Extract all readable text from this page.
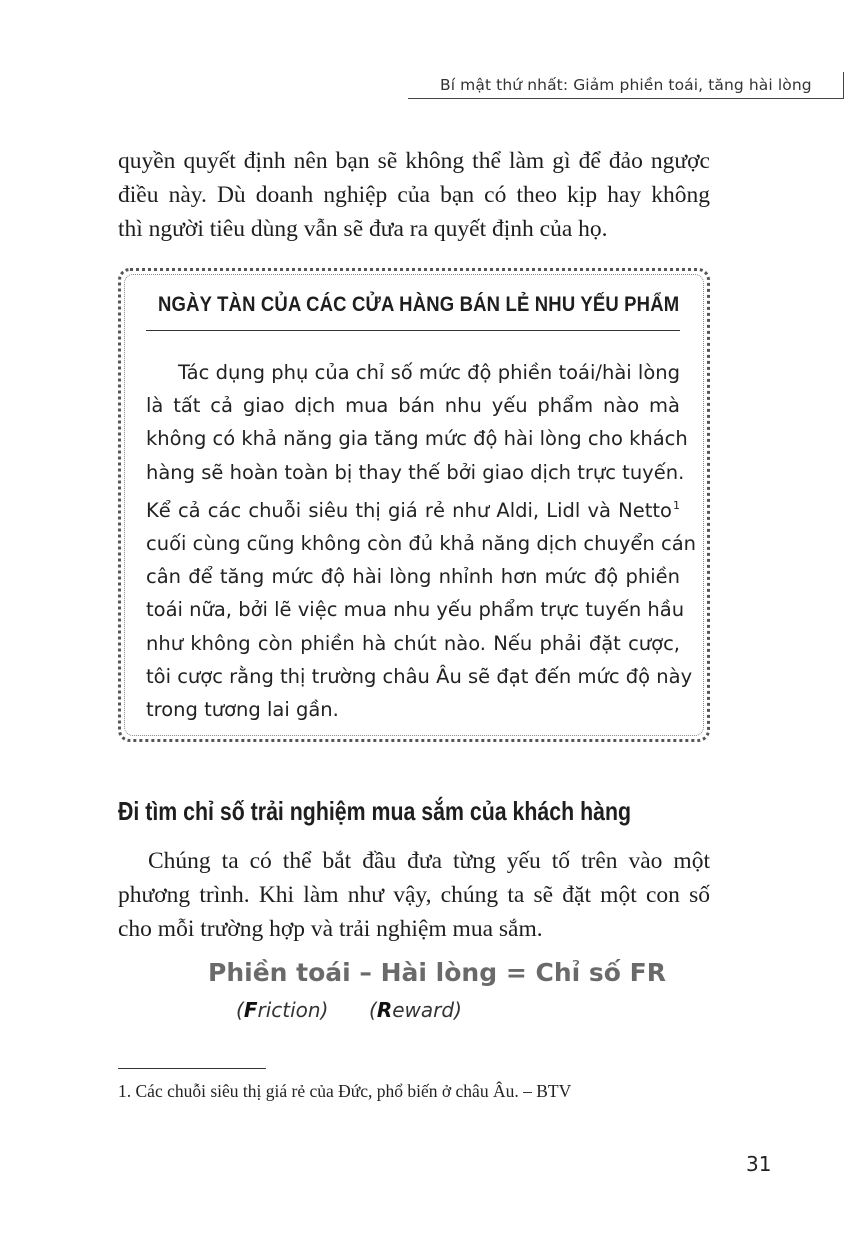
Bí mật thứ nhất: Giảm phiền toái, tăng hài lòng
quyền quyết định nên bạn sẽ không thể làm gì để đảo ngược
điều này. Dù doanh nghiệp của bạn có theo kịp hay không
thì người tiêu dùng vẫn sẽ đưa ra quyết định của họ.
NGÀY TÀN CỦA CÁC CỬA HÀNG BÁN LẺ NHU YẾU PHẨM
Tác dụng phụ của chỉ số mức độ phiền toái/hài lòng
là tất cả giao dịch mua bán nhu yếu phẩm nào mà
không có khả năng gia tăng mức độ hài lòng cho khách
hàng sẽ hoàn toàn bị thay thế bởi giao dịch trực tuyến.
Kể cả các chuỗi siêu thị giá rẻ như Aldi, Lidl và Netto$^1$
cuối cùng cũng không còn đủ khả năng dịch chuyển cán
cân để tăng mức độ hài lòng nhỉnh hơn mức độ phiền
toái nữa, bởi lẽ việc mua nhu yếu phẩm trực tuyến hầu
như không còn phiền hà chút nào. Nếu phải đặt cược,
tôi cược rằng thị trường châu Âu sẽ đạt đến mức độ này
trong tương lai gần.
Đi tìm chỉ số trải nghiệm mua sắm của khách hàng
Chúng ta có thể bắt đầu đưa từng yếu tố trên vào một
phương trình. Khi làm như vậy, chúng ta sẽ đặt một con số
cho mỗi trường hợp và trải nghiệm mua sắm.
Phiền toái – Hài lòng = Chỉ số FR
(Friction) (Reward)
1. Các chuỗi siêu thị giá rẻ của Đức, phổ biến ở châu Âu. – BTV
31
